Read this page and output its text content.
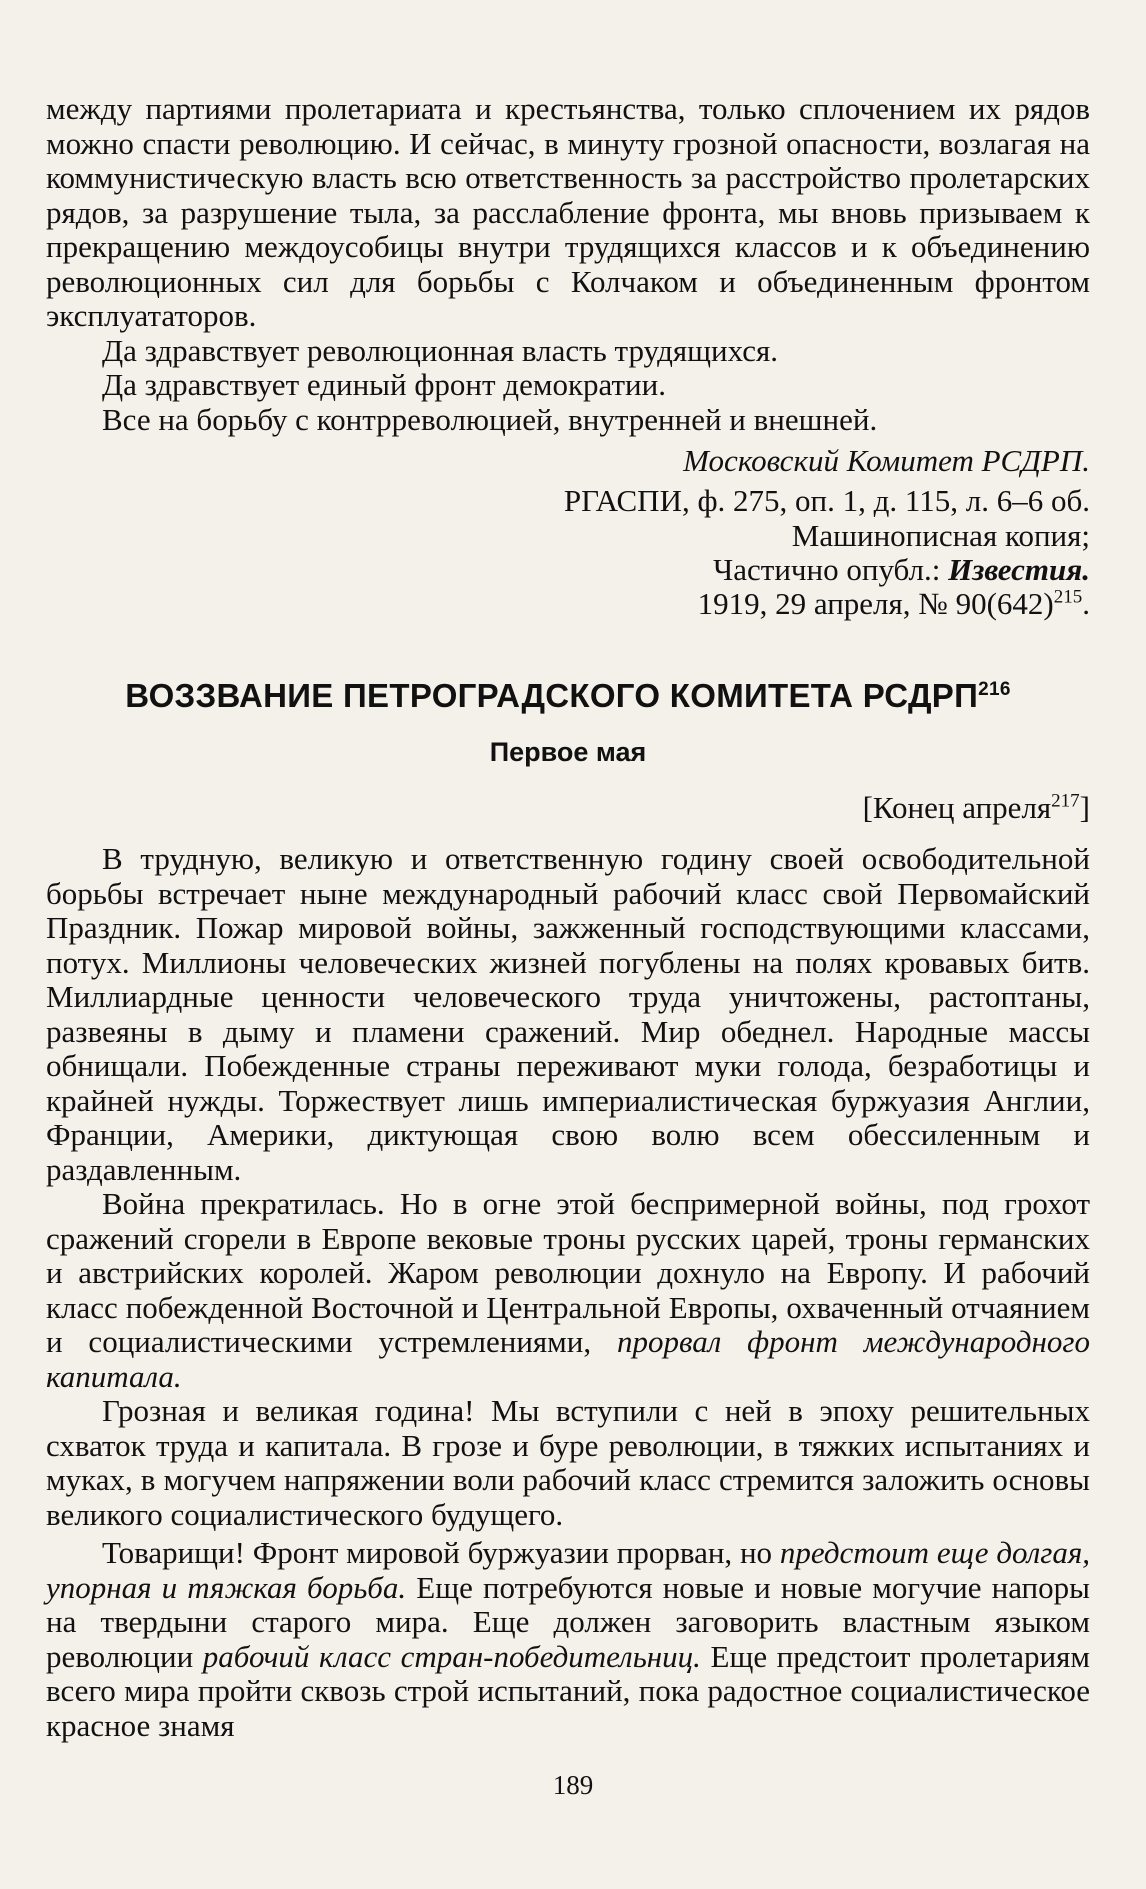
между партиями пролетариата и крестьянства, только сплочением их рядов можно спасти революцию. И сейчас, в минуту грозной опасности, возлагая на коммунистическую власть всю ответственность за расстройство пролетарских рядов, за разрушение тыла, за расслабление фронта, мы вновь призываем к прекращению междоусобицы внутри трудящихся классов и к объединению революционных сил для борьбы с Колчаком и объединенным фронтом эксплуататоров.

Да здравствует революционная власть трудящихся.

Да здравствует единый фронт демократии.

Все на борьбу с контрреволюцией, внутренней и внешней.

Московский Комитет РСДРП.

РГАСПИ, ф. 275, оп. 1, д. 115, л. 6–6 об.

Машинописная копия;

Частично опубл.: Известия.

1919, 29 апреля, № $90(642)^{215}$.

ВОЗЗВАНИЕ ПЕТРОГРАДСКОГО КОМИТЕТА РСДРП$^{216}$
Первое мая

[Конец апреля$^{217}$]

В трудную, великую и ответственную годину своей освободительной борьбы встречает ныне международный рабочий класс свой Первомайский Праздник. Пожар мировой войны, зажженный господствующими классами, потух. Миллионы человеческих жизней погублены на полях кровавых битв. Миллиардные ценности человеческого труда уничтожены, растоптаны, развеяны в дыму и пламени сражений. Мир обеднел. Народные массы обнищали. Побежденные страны переживают муки голода, безработицы и крайней нужды. Торжествует лишь империалистическая буржуазия Англии, Франции, Америки, диктующая свою волю всем обессиленным и раздавленным.

Война прекратилась. Но в огне этой беспримерной войны, под грохот сражений сгорели в Европе вековые троны русских царей, троны германских и австрийских королей. Жаром революции дохнуло на Европу. И рабочий класс побежденной Восточной и Центральной Европы, охваченный отчаянием и социалистическими устремлениями, прорвал фронт международного капитала.

Грозная и великая година! Мы вступили с ней в эпоху решительных схваток труда и капитала. В грозе и буре революции, в тяжких испытаниях и муках, в могучем напряжении воли рабочий класс стремится заложить основы великого социалистического будущего.

Товарищи! Фронт мировой буржуазии прорван, но предстоит еще долгая, упорная и тяжкая борьба. Еще потребуются новые и новые могучие напоры на твердыни старого мира. Еще должен заговорить властным языком революции рабочий класс стран-победительниц. Еще предстоит пролетариям всего мира пройти сквозь строй испытаний, пока радостное социалистическое красное знамя

189
